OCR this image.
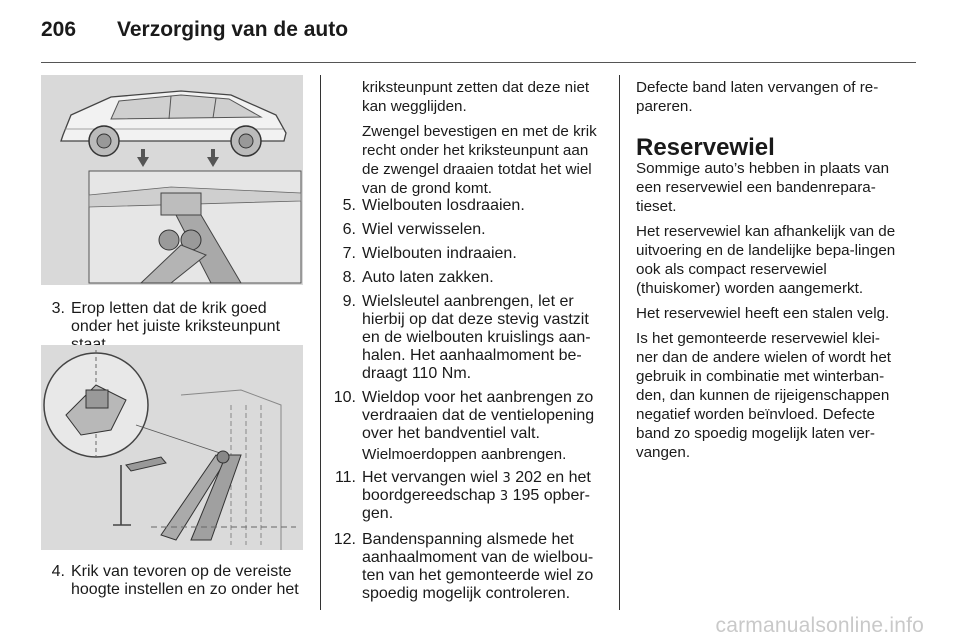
206	Verzorging van de auto
3. Erop letten dat de krik goed onder het juiste kriksteunpunt
4. Krik van tevoren op de vereiste hoogte instellen en zo onder het

kriksteunpunt zetten dat deze niet kan wegglijden.

Zwengel bevestigen en met de krik recht onder het kriksteunpunt aan de zwengel draaien totdat het wiel van de grond komt.

5. Wielbouten losdraaien.
6. Wiel verwisselen.
7. Wielbouten indraaien.
8. Auto laten zakken.
9. Wielsleutel aanbrengen, let er hierbij op dat deze stevig vastzit en de wielbouten kruislings aan-halen. Het aanhaalmoment be-draagt 110 Nm.
10. Wieldop voor het aanbrengen zo verdraaien dat de ventielopening over het bandventiel valt.

Wielmoerdoppen aanbrengen.

11. Het vervangen wiel 3 202 en het boordgereedschap 3 195 opber-gen.
12. Bandenspanning alsmede het aanhaalmoment van de wielbou-ten van het gemonteerde wiel zo spoedig mogelijk controleren.

Defecte band laten vervangen of re-pareren.

Reservewiel

Sommige auto’s hebben in plaats van een reservewiel een bandenrepara-tieset.

Het reservewiel kan afhankelijk van de uitvoering en de landelijke bepa-lingen ook als compact reservewiel (thuiskomer) worden aangemerkt.

Het reservewiel heeft een stalen velg.

Is het gemonteerde reservewiel klei-ner dan de andere wielen of wordt het gebruik in combinatie met winterban-den, dan kunnen de rijeigenschappen negatief worden beïnvloed. Defecte band zo spoedig mogelijk laten ver-vangen.

carmanualsonline.info
